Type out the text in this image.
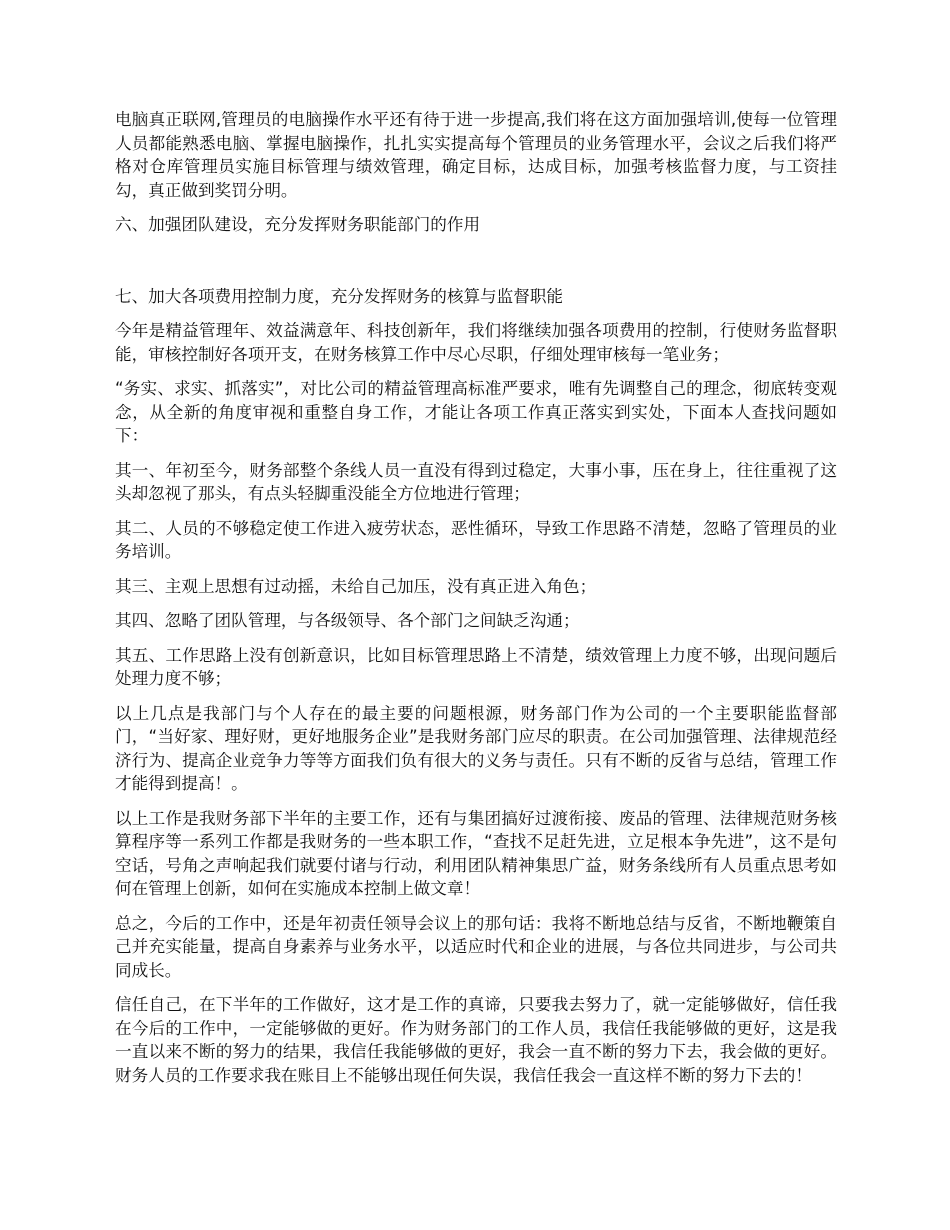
电脑真正联网,管理员的电脑操作水平还有待于进一步提高,我们将在这方面加强培训,使每一位管理人员都能熟悉电脑、掌握电脑操作，扎扎实实提高每个管理员的业务管理水平，会议之后我们将严格对仓库管理员实施目标管理与绩效管理，确定目标，达成目标，加强考核监督力度，与工资挂勾，真正做到奖罚分明。

六、加强团队建设，充分发挥财务职能部门的作用

七、加大各项费用控制力度，充分发挥财务的核算与监督职能

今年是精益管理年、效益满意年、科技创新年，我们将继续加强各项费用的控制，行使财务监督职能，审核控制好各项开支，在财务核算工作中尽心尽职，仔细处理审核每一笔业务；

“务实、求实、抓落实”，对比公司的精益管理高标准严要求，唯有先调整自己的理念，彻底转变观念，从全新的角度审视和重整自身工作，才能让各项工作真正落实到实处，下面本人查找问题如下：

其一、年初至今，财务部整个条线人员一直没有得到过稳定，大事小事，压在身上，往往重视了这头却忽视了那头，有点头轻脚重没能全方位地进行管理；

其二、人员的不够稳定使工作进入疲劳状态，恶性循环，导致工作思路不清楚，忽略了管理员的业务培训。

其三、主观上思想有过动摇，未给自己加压，没有真正进入角色；

其四、忽略了团队管理，与各级领导、各个部门之间缺乏沟通；

其五、工作思路上没有创新意识，比如目标管理思路上不清楚，绩效管理上力度不够，出现问题后处理力度不够；

以上几点是我部门与个人存在的最主要的问题根源，财务部门作为公司的一个主要职能监督部门，“当好家、理好财，更好地服务企业”是我财务部门应尽的职责。在公司加强管理、法律规范经济行为、提高企业竞争力等等方面我们负有很大的义务与责任。只有不断的反省与总结，管理工作才能得到提高！。

以上工作是我财务部下半年的主要工作，还有与集团搞好过渡衔接、废品的管理、法律规范财务核算程序等一系列工作都是我财务的一些本职工作，“查找不足赶先进，立足根本争先进”，这不是句空话，号角之声响起我们就要付诸与行动，利用团队精神集思广益，财务条线所有人员重点思考如何在管理上创新，如何在实施成本控制上做文章！

总之，今后的工作中，还是年初责任领导会议上的那句话：我将不断地总结与反省，不断地鞭策自己并充实能量，提高自身素养与业务水平，以适应时代和企业的进展，与各位共同进步，与公司共同成长。

信任自己，在下半年的工作做好，这才是工作的真谛，只要我去努力了，就一定能够做好，信任我在今后的工作中，一定能够做的更好。作为财务部门的工作人员，我信任我能够做的更好，这是我一直以来不断的努力的结果，我信任我能够做的更好，我会一直不断的努力下去，我会做的更好。财务人员的工作要求我在账目上不能够出现任何失误，我信任我会一直这样不断的努力下去的！
